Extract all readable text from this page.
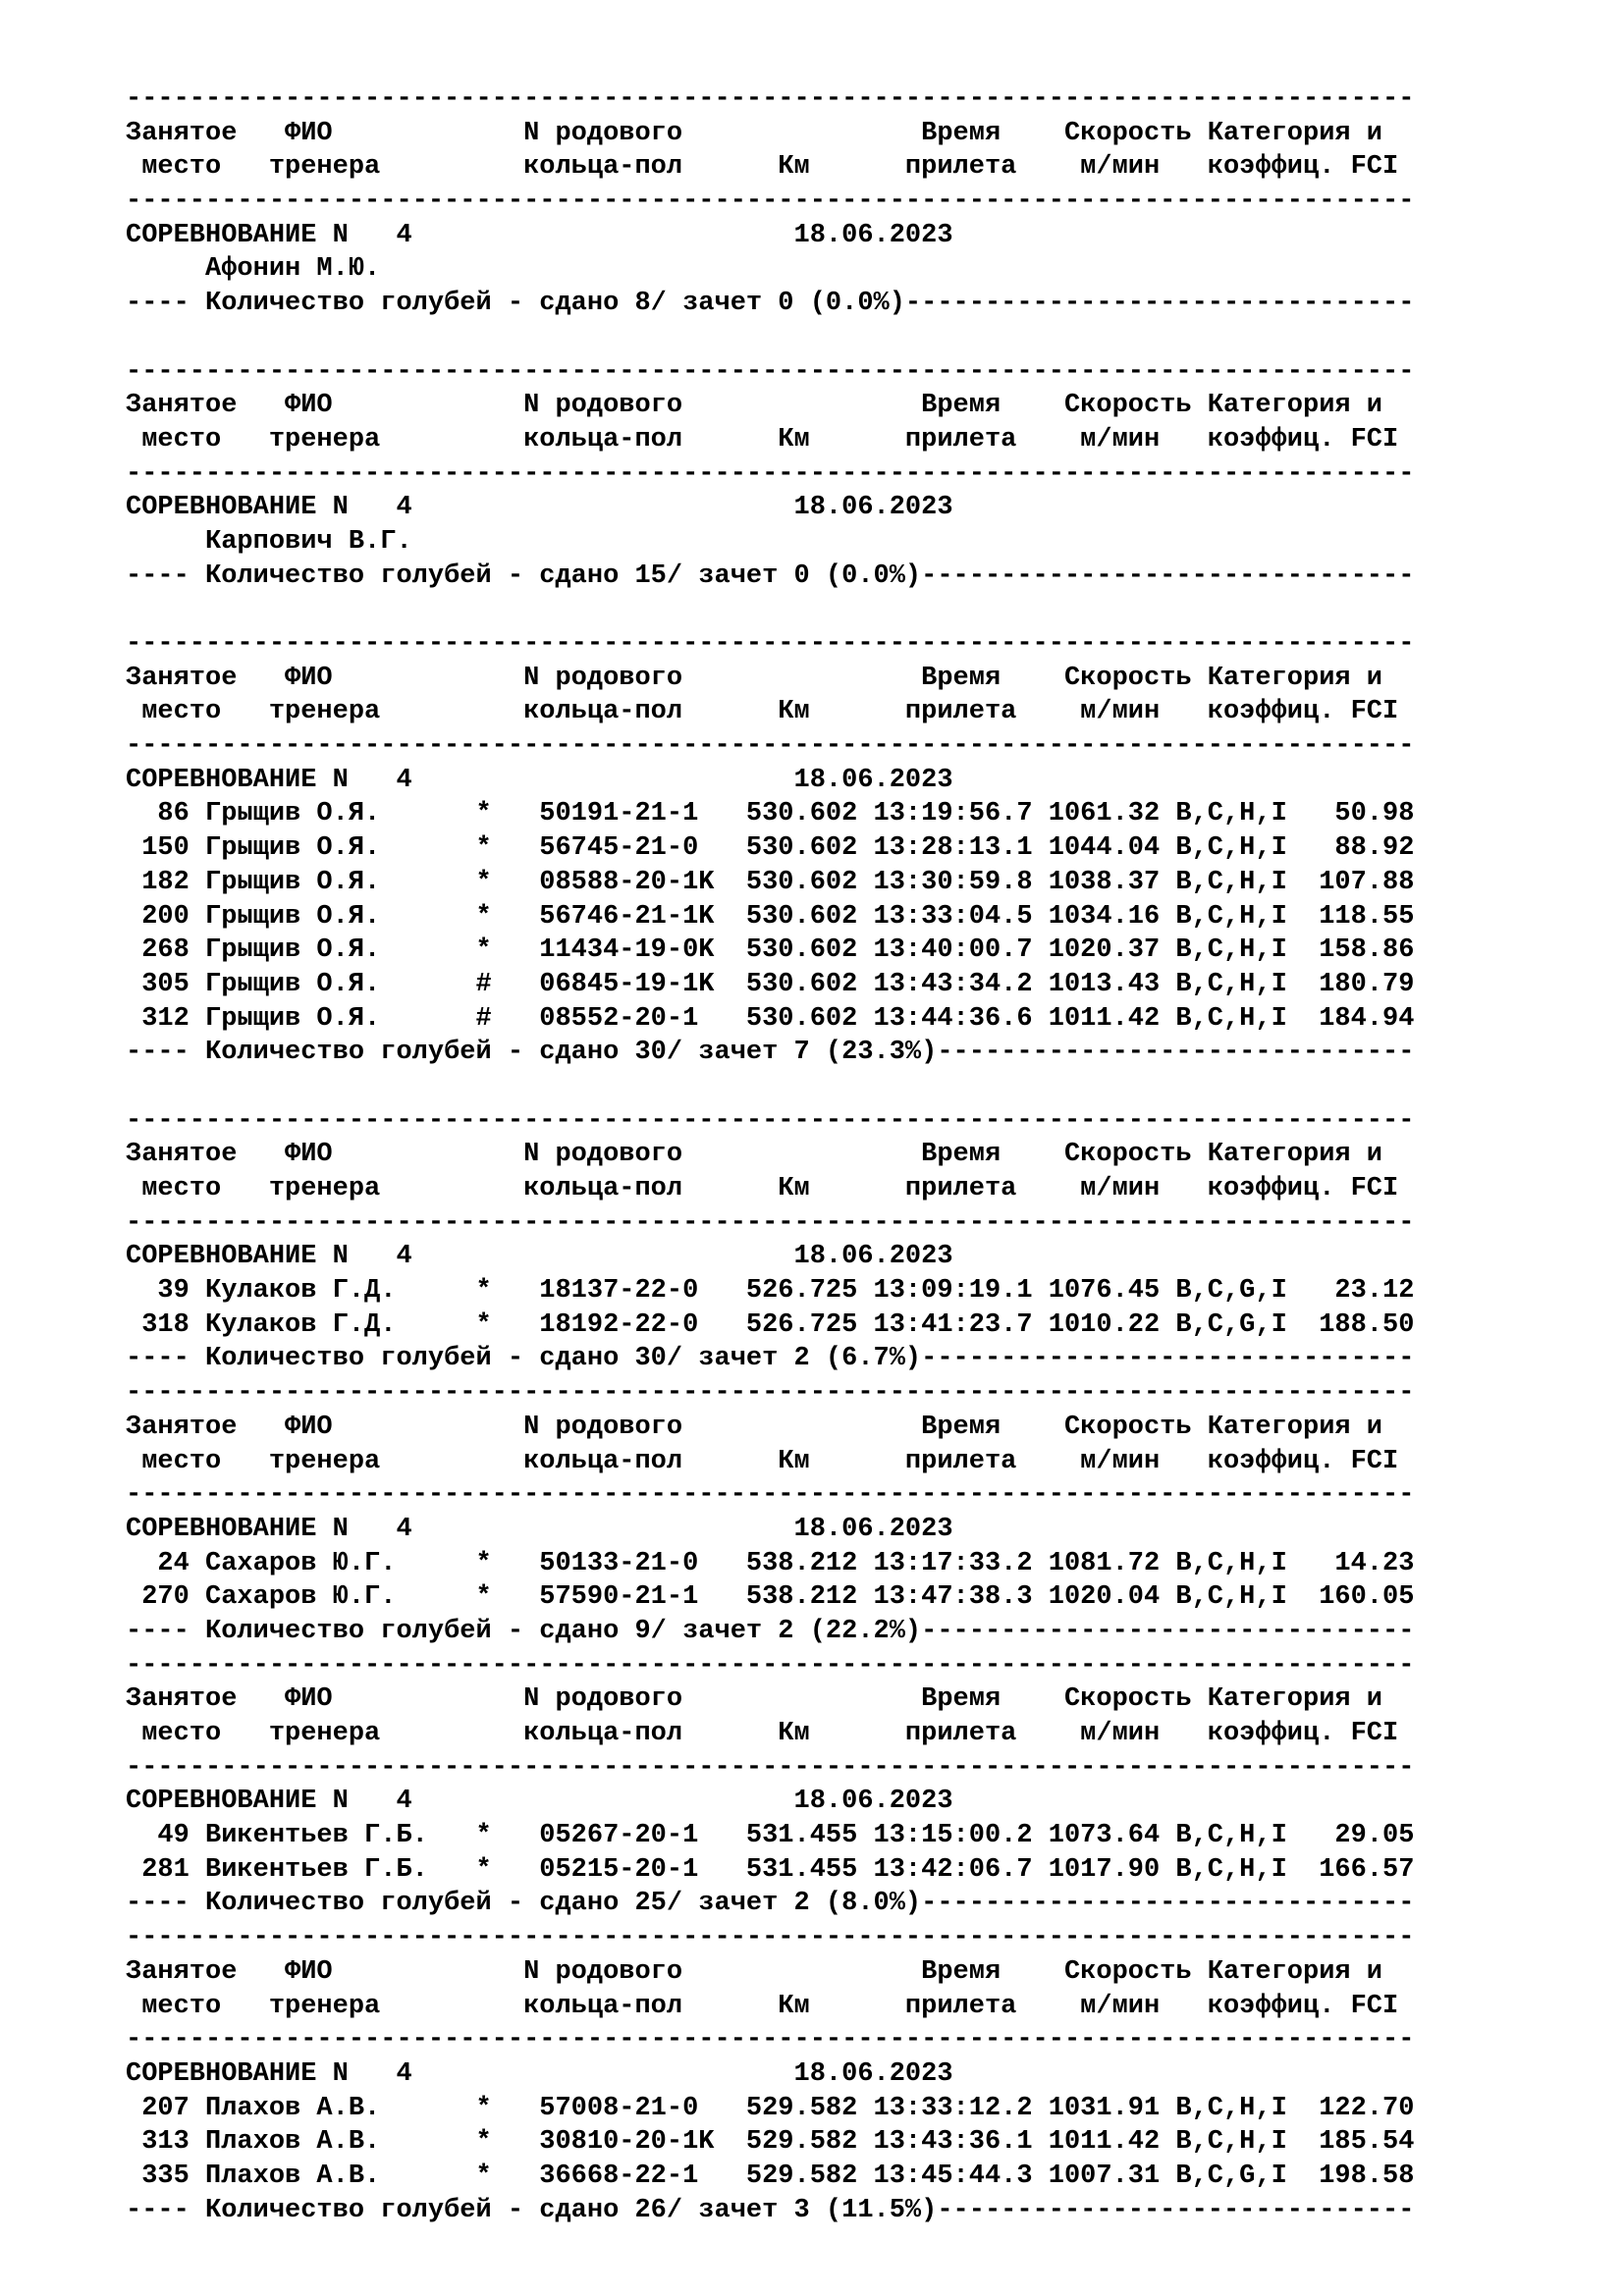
---------------------------------------------------------------------------------
Занятое   ФИО            N родового               Время    Скорость Категория и
место   тренера         кольца-пол      Км      прилета    м/мин   коэффиц. FCI
---------------------------------------------------------------------------------
СОРЕВНОВАНИЕ N   4                        18.06.2023
Афонин М.Ю.
---- Количество голубей - сдано 8/ зачет 0 (0.0%)--------------------------------
---------------------------------------------------------------------------------
Занятое   ФИО            N родового               Время    Скорость Категория и
место   тренера         кольца-пол      Км      прилета    м/мин   коэффиц. FCI
---------------------------------------------------------------------------------
СОРЕВНОВАНИЕ N   4                        18.06.2023
Карпович В.Г.
---- Количество голубей - сдано 15/ зачет 0 (0.0%)-------------------------------
---------------------------------------------------------------------------------
Занятое   ФИО            N родового               Время    Скорость Категория и
место   тренера         кольца-пол      Км      прилета    м/мин   коэффиц. FCI
---------------------------------------------------------------------------------
СОРЕВНОВАНИЕ N   4                        18.06.2023
86 Грыщив О.Я.      *   50191-21-1   530.602 13:19:56.7 1061.32 B,C,H,I   50.98
150 Грыщив О.Я.      *   56745-21-0   530.602 13:28:13.1 1044.04 B,C,H,I   88.92
182 Грыщив О.Я.      *   08588-20-1K  530.602 13:30:59.8 1038.37 B,C,H,I  107.88
200 Грыщив О.Я.      *   56746-21-1K  530.602 13:33:04.5 1034.16 B,C,H,I  118.55
268 Грыщив О.Я.      *   11434-19-0K  530.602 13:40:00.7 1020.37 B,C,H,I  158.86
305 Грыщив О.Я.      #   06845-19-1K  530.602 13:43:34.2 1013.43 B,C,H,I  180.79
312 Грыщив О.Я.      #   08552-20-1   530.602 13:44:36.6 1011.42 B,C,H,I  184.94
---- Количество голубей - сдано 30/ зачет 7 (23.3%)------------------------------
---------------------------------------------------------------------------------
Занятое   ФИО            N родового               Время    Скорость Категория и
место   тренера         кольца-пол      Км      прилета    м/мин   коэффиц. FCI
---------------------------------------------------------------------------------
СОРЕВНОВАНИЕ N   4                        18.06.2023
39 Кулаков Г.Д.     *   18137-22-0   526.725 13:09:19.1 1076.45 B,C,G,I   23.12
318 Кулаков Г.Д.     *   18192-22-0   526.725 13:41:23.7 1010.22 B,C,G,I  188.50
---- Количество голубей - сдано 30/ зачет 2 (6.7%)-------------------------------
---------------------------------------------------------------------------------
Занятое   ФИО            N родового               Время    Скорость Категория и
место   тренера         кольца-пол      Км      прилета    м/мин   коэффиц. FCI
---------------------------------------------------------------------------------
СОРЕВНОВАНИЕ N   4                        18.06.2023
24 Сахаров Ю.Г.     *   50133-21-0   538.212 13:17:33.2 1081.72 B,C,H,I   14.23
270 Сахаров Ю.Г.     *   57590-21-1   538.212 13:47:38.3 1020.04 B,C,H,I  160.05
---- Количество голубей - сдано 9/ зачет 2 (22.2%)-------------------------------
---------------------------------------------------------------------------------
Занятое   ФИО            N родового               Время    Скорость Категория и
место   тренера         кольца-пол      Км      прилета    м/мин   коэффиц. FCI
---------------------------------------------------------------------------------
СОРЕВНОВАНИЕ N   4                        18.06.2023
49 Викентьев Г.Б.   *   05267-20-1   531.455 13:15:00.2 1073.64 B,C,H,I   29.05
281 Викентьев Г.Б.   *   05215-20-1   531.455 13:42:06.7 1017.90 B,C,H,I  166.57
---- Количество голубей - сдано 25/ зачет 2 (8.0%)-------------------------------
---------------------------------------------------------------------------------
Занятое   ФИО            N родового               Время    Скорость Категория и
место   тренера         кольца-пол      Км      прилета    м/мин   коэффиц. FCI
---------------------------------------------------------------------------------
СОРЕВНОВАНИЕ N   4                        18.06.2023
207 Плахов А.В.      *   57008-21-0   529.582 13:33:12.2 1031.91 B,C,H,I  122.70
313 Плахов А.В.      *   30810-20-1K  529.582 13:43:36.1 1011.42 B,C,H,I  185.54
335 Плахов А.В.      *   36668-22-1   529.582 13:45:44.3 1007.31 B,C,G,I  198.58
---- Количество голубей - сдано 26/ зачет 3 (11.5%)------------------------------
